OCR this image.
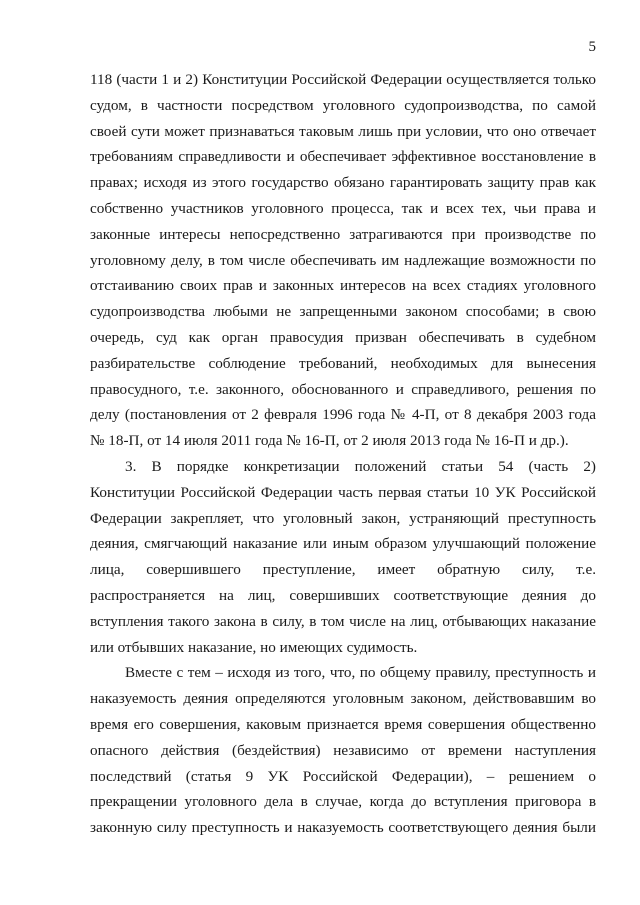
5
118 (части 1 и 2) Конституции Российской Федерации осуществляется только
судом, в частности посредством уголовного судопроизводства, по самой
своей сути может признаваться таковым лишь при условии, что оно отвечает
требованиям справедливости и обеспечивает эффективное восстановление в
правах; исходя из этого государство обязано гарантировать защиту прав как
собственно участников уголовного процесса, так и всех тех, чьи права и
законные интересы непосредственно затрагиваются при производстве по
уголовному делу, в том числе обеспечивать им надлежащие возможности по
отстаиванию своих прав и законных интересов на всех стадиях уголовного
судопроизводства любыми не запрещенными законом способами; в свою
очередь, суд как орган правосудия призван обеспечивать в судебном
разбирательстве соблюдение требований, необходимых для вынесения
правосудного, т.е. законного, обоснованного и справедливого, решения по
делу (постановления от 2 февраля 1996 года № 4-П, от 8 декабря 2003 года
№ 18-П, от 14 июля 2011 года № 16-П, от 2 июля 2013 года № 16-П и др.).
3. В порядке конкретизации положений статьи 54 (часть 2)
Конституции Российской Федерации часть первая статьи 10 УК Российской
Федерации закрепляет, что уголовный закон, устраняющий преступность
деяния, смягчающий наказание или иным образом улучшающий положение
лица, совершившего преступление, имеет обратную силу, т.е.
распространяется на лиц, совершивших соответствующие деяния до
вступления такого закона в силу, в том числе на лиц, отбывающих наказание
или отбывших наказание, но имеющих судимость.
Вместе с тем – исходя из того, что, по общему правилу, преступность и
наказуемость деяния определяются уголовным законом, действовавшим во
время его совершения, каковым признается время совершения общественно
опасного действия (бездействия) независимо от времени наступления
последствий (статья 9 УК Российской Федерации), – решением о
прекращении уголовного дела в случае, когда до вступления приговора в
законную силу преступность и наказуемость соответствующего деяния были
